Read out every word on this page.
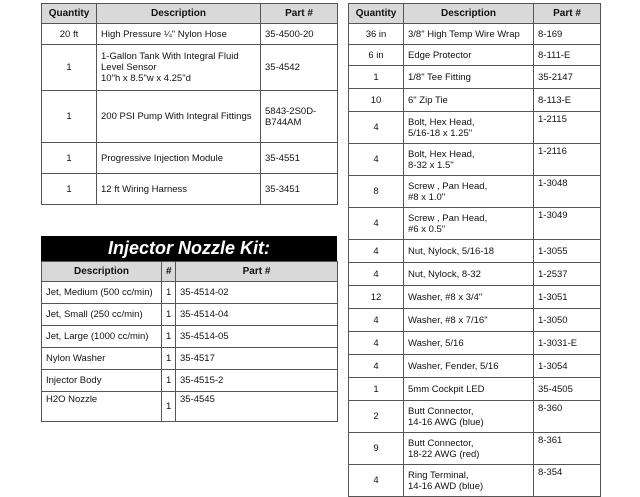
Quantity	Description	Part #
20 ft	High Pressure ¼" Nylon Hose	35-4500-20
1	1-Gallon Tank With Integral Fluid
Level Sensor
10"h x 8.5"w x 4.25"d	35-4542
1	200 PSI Pump With Integral Fittings	5843-2S0D-
B744AM
1	Progressive Injection Module	35-4551
1	12 ft Wiring Harness	35-3451
Injector Nozzle Kit:
Description	#	Part #
Jet, Medium (500 cc/min)	1	35-4514-02
Jet, Small (250 cc/min)	1	35-4514-04
Jet, Large (1000 cc/min)	1	35-4514-05
Nylon Washer	1	35-4517
Injector Body	1	35-4515-2
H2O Nozzle	1	35-4545
Quantity	Description	Part #
36 in	3/8" High Temp Wire Wrap	8-169
6 in	Edge Protector	8-111-E
1	1/8" Tee Fitting	35-2147
10	6" Zip Tie	8-113-E
4	Bolt, Hex Head,
5/16-18 x 1.25"	1-2115
4	Bolt, Hex Head,
8-32 x 1.5"	1-2116
8	Screw , Pan Head,
#8 x 1.0"	1-3048
4	Screw , Pan Head,
#6 x 0.5"	1-3049
4	Nut, Nylock, 5/16-18	1-3055
4	Nut, Nylock, 8-32	1-2537
12	Washer, #8 x 3/4"	1-3051
4	Washer, #8 x 7/16"	1-3050
4	Washer, 5/16	1-3031-E
4	Washer, Fender, 5/16	1-3054
1	5mm Cockpit LED	35-4505
2	Butt Connector,
14-16 AWG (blue)	8-360
9	Butt Connector,
18-22 AWG (red)	8-361
4	Ring Terminal,
14-16 AWD (blue)	8-354
